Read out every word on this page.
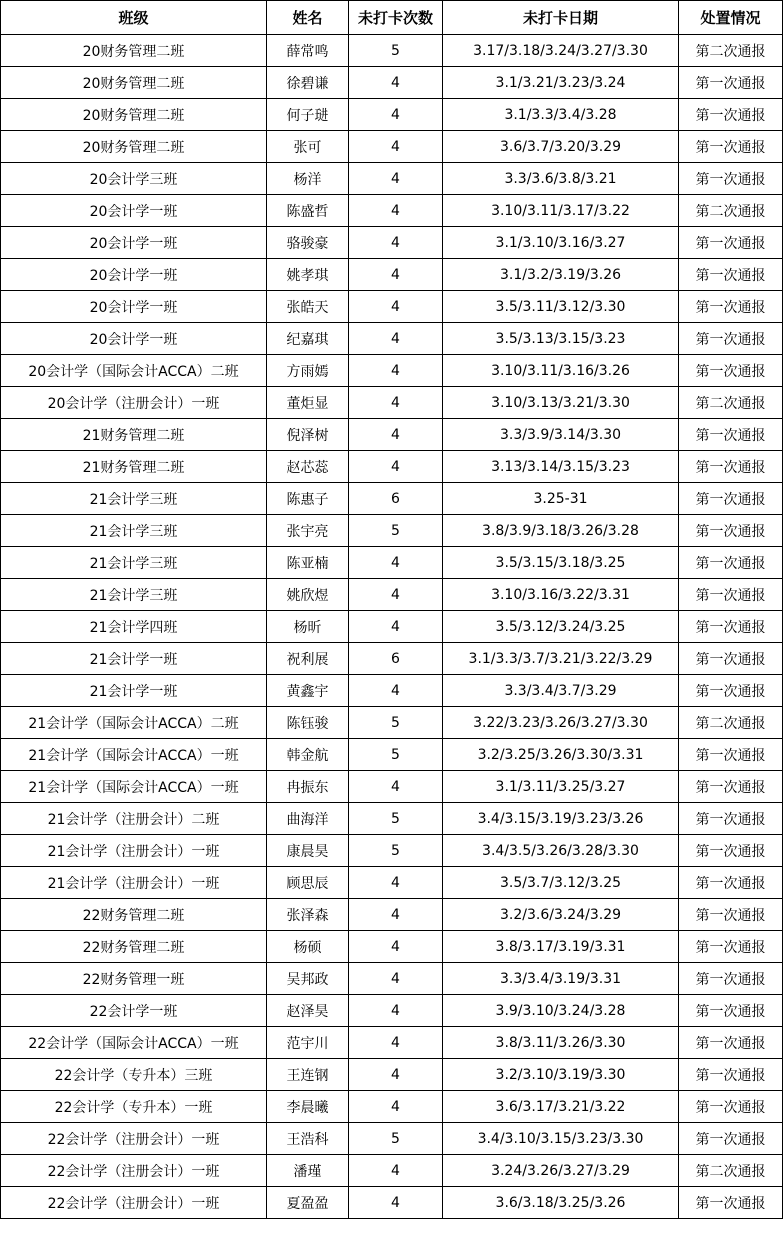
班级	姓名	未打卡次数	未打卡日期	处置情况
20财务管理二班	薛常鸣	5	3.17/3.18/3.24/3.27/3.30	第二次通报
20财务管理二班	徐碧谦	4	3.1/3.21/3.23/3.24	第一次通报
20财务管理二班	何子琎	4	3.1/3.3/3.4/3.28	第一次通报
20财务管理二班	张可	4	3.6/3.7/3.20/3.29	第一次通报
20会计学三班	杨洋	4	3.3/3.6/3.8/3.21	第一次通报
20会计学一班	陈盛哲	4	3.10/3.11/3.17/3.22	第二次通报
20会计学一班	骆骏豪	4	3.1/3.10/3.16/3.27	第一次通报
20会计学一班	姚孝琪	4	3.1/3.2/3.19/3.26	第一次通报
20会计学一班	张皓天	4	3.5/3.11/3.12/3.30	第一次通报
20会计学一班	纪嘉琪	4	3.5/3.13/3.15/3.23	第一次通报
20会计学（国际会计ACCA）二班	方雨嫣	4	3.10/3.11/3.16/3.26	第一次通报
20会计学（注册会计）一班	董炬显	4	3.10/3.13/3.21/3.30	第二次通报
21财务管理二班	倪泽树	4	3.3/3.9/3.14/3.30	第一次通报
21财务管理二班	赵芯蕊	4	3.13/3.14/3.15/3.23	第一次通报
21会计学三班	陈惠子	6	3.25-31	第一次通报
21会计学三班	张宇亮	5	3.8/3.9/3.18/3.26/3.28	第一次通报
21会计学三班	陈亚楠	4	3.5/3.15/3.18/3.25	第一次通报
21会计学三班	姚欣煜	4	3.10/3.16/3.22/3.31	第一次通报
21会计学四班	杨昕	4	3.5/3.12/3.24/3.25	第一次通报
21会计学一班	祝利展	6	3.1/3.3/3.7/3.21/3.22/3.29	第一次通报
21会计学一班	黄鑫宇	4	3.3/3.4/3.7/3.29	第一次通报
21会计学（国际会计ACCA）二班	陈钰骏	5	3.22/3.23/3.26/3.27/3.30	第二次通报
21会计学（国际会计ACCA）一班	韩金航	5	3.2/3.25/3.26/3.30/3.31	第一次通报
21会计学（国际会计ACCA）一班	冉振东	4	3.1/3.11/3.25/3.27	第一次通报
21会计学（注册会计）二班	曲海洋	5	3.4/3.15/3.19/3.23/3.26	第一次通报
21会计学（注册会计）一班	康晨昊	5	3.4/3.5/3.26/3.28/3.30	第一次通报
21会计学（注册会计）一班	顾思辰	4	3.5/3.7/3.12/3.25	第一次通报
22财务管理二班	张泽森	4	3.2/3.6/3.24/3.29	第一次通报
22财务管理二班	杨硕	4	3.8/3.17/3.19/3.31	第一次通报
22财务管理一班	吴邦政	4	3.3/3.4/3.19/3.31	第一次通报
22会计学一班	赵泽昊	4	3.9/3.10/3.24/3.28	第一次通报
22会计学（国际会计ACCA）一班	范宇川	4	3.8/3.11/3.26/3.30	第一次通报
22会计学（专升本）三班	王连钢	4	3.2/3.10/3.19/3.30	第一次通报
22会计学（专升本）一班	李晨曦	4	3.6/3.17/3.21/3.22	第一次通报
22会计学（注册会计）一班	王浩科	5	3.4/3.10/3.15/3.23/3.30	第一次通报
22会计学（注册会计）一班	潘瑾	4	3.24/3.26/3.27/3.29	第二次通报
22会计学（注册会计）一班	夏盈盈	4	3.6/3.18/3.25/3.26	第一次通报
